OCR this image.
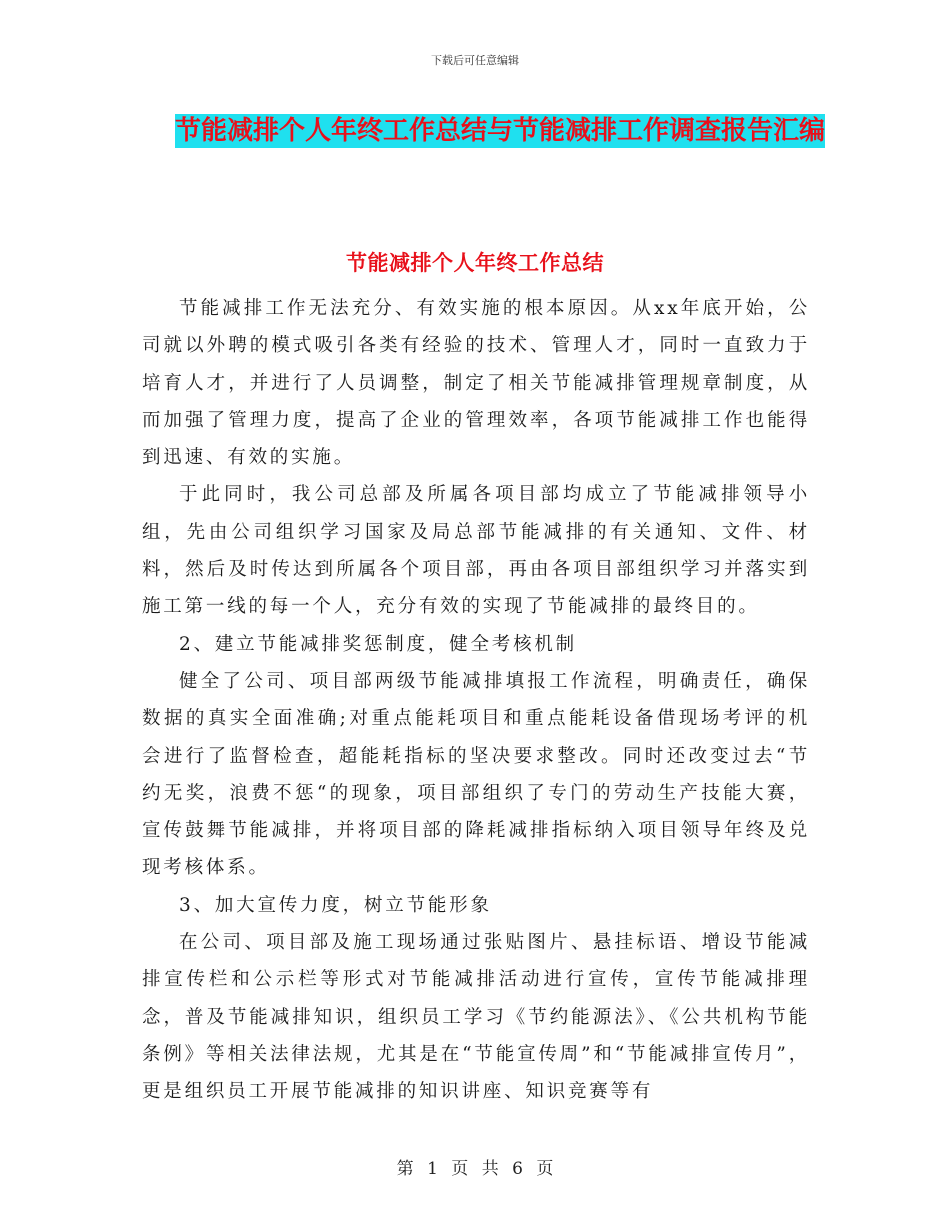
下载后可任意编辑
节能减排个人年终工作总结与节能减排工作调查报告汇编
节能减排个人年终工作总结

节能减排工作无法充分、有效实施的根本原因。从xx年底开始，公司就以外聘的模式吸引各类有经验的技术、管理人才，同时一直致力于培育人才，并进行了人员调整，制定了相关节能减排管理规章制度，从而加强了管理力度，提高了企业的管理效率，各项节能减排工作也能得到迅速、有效的实施。

于此同时，我公司总部及所属各项目部均成立了节能减排领导小组，先由公司组织学习国家及局总部节能减排的有关通知、文件、材料，然后及时传达到所属各个项目部，再由各项目部组织学习并落实到施工第一线的每一个人，充分有效的实现了节能减排的最终目的。

2、建立节能减排奖惩制度，健全考核机制

健全了公司、项目部两级节能减排填报工作流程，明确责任，确保数据的真实全面准确;对重点能耗项目和重点能耗设备借现场考评的机会进行了监督检查，超能耗指标的坚决要求整改。同时还改变过去“节约无奖，浪费不惩“的现象，项目部组织了专门的劳动生产技能大赛，宣传鼓舞节能减排，并将项目部的降耗减排指标纳入项目领导年终及兑现考核体系。

3、加大宣传力度，树立节能形象

在公司、项目部及施工现场通过张贴图片、悬挂标语、增设节能减排宣传栏和公示栏等形式对节能减排活动进行宣传，宣传节能减排理念，普及节能减排知识，组织员工学习《节约能源法》、《公共机构节能条例》等相关法律法规，尤其是在“节能宣传周”和“节能减排宣传月”，更是组织员工开展节能减排的知识讲座、知识竞赛等有

第 1 页 共 6 页
